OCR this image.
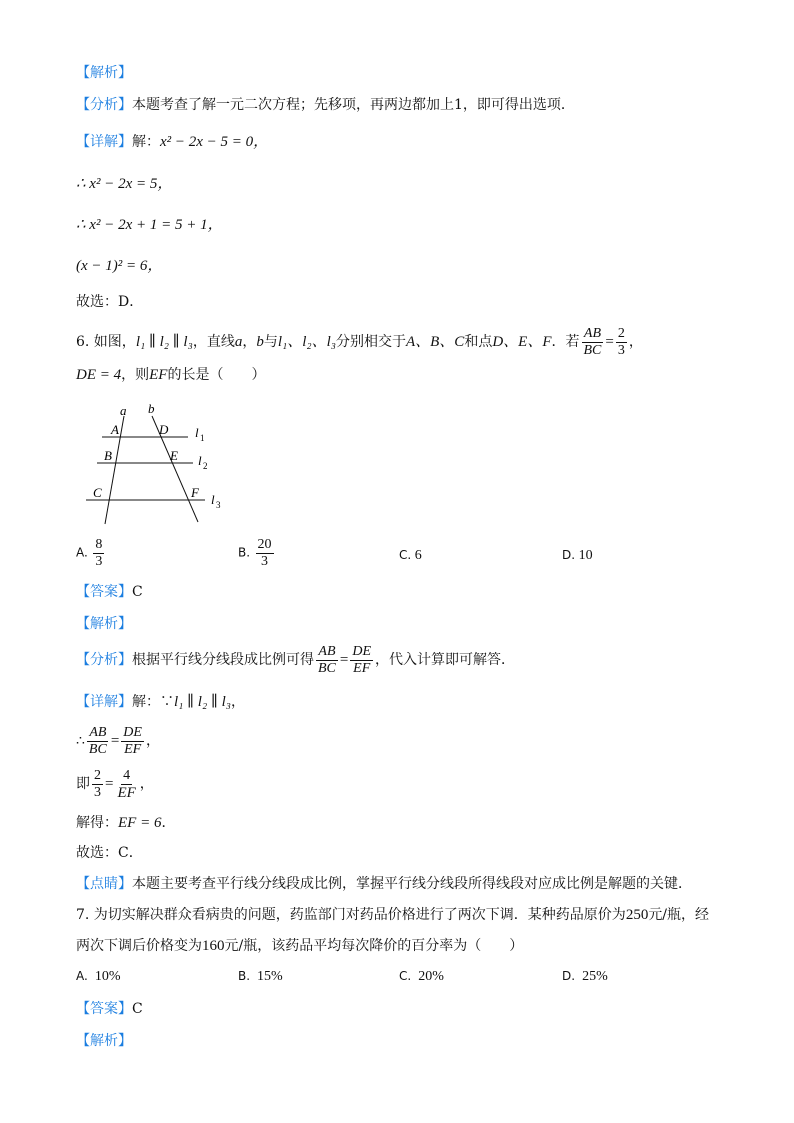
【解析】
【分析】本题考查了解一元二次方程；先移项，再两边都加上1，即可得出选项．
【详解】解：x² − 2x − 5 = 0，
∴ x² − 2x = 5，
∴ x² − 2x + 1 = 5 + 1，
(x − 1)² = 6，
故选：D．
6. 如图，l₁ ∥ l₂ ∥ l₃，直线a，b与l₁、l₂、l₃分别相交于A、B、C和点D、E、F．若 $\frac{AB}{BC} = \frac{2}{3}$ ，
DE = 4，则EF的长是（　　）
a b
A	D
B	E
C	F
l 1
l 2
l 3
A. $\frac{8}{3}$	B. $\frac{20}{3}$	C. 6	D. 10
【答案】C
【解析】
【分析】根据平行线分线段成比例可得 $\frac{AB}{BC} = \frac{DE}{EF}$ ，代入计算即可解答．
【详解】解：∵l₁ ∥ l₂ ∥ l₃，
∴ $\frac{AB}{BC} = \frac{DE}{EF}$ ，
即 $\frac{2}{3} = \frac{4}{EF}$ ，
解得：EF = 6．
故选：C．
【点睛】本题主要考查平行线分线段成比例，掌握平行线分线段所得线段对应成比例是解题的关键．
7. 为切实解决群众看病贵的问题，药监部门对药品价格进行了两次下调．某种药品原价为250元/瓶，经
两次下调后价格变为160元/瓶，该药品平均每次降价的百分率为（　　）
A. 10%	B. 15%	C. 20%	D. 25%
【答案】C
【解析】
